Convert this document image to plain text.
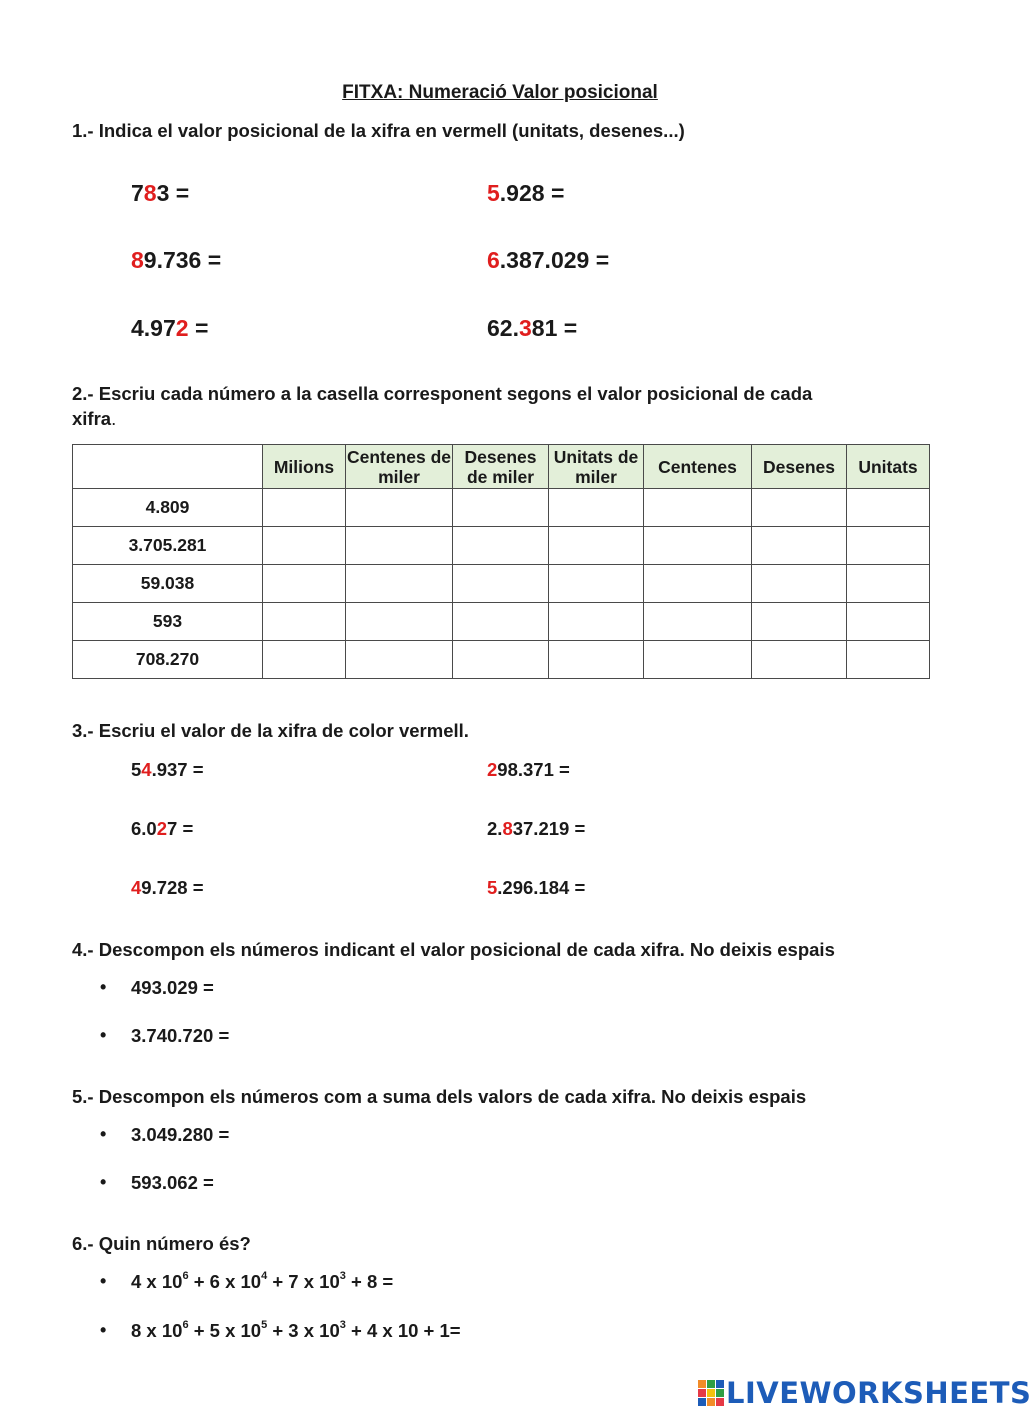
FITXA: Numeració Valor posicional
1.- Indica el valor posicional de la xifra en vermell (unitats, desenes...)
783 =	5.928 =
89.736 =	6.387.029 =
4.972 =	62.381 =
2.- Escriu cada número a la casella corresponent segons el valor posicional de cada
xifra.
	Milions	Centenes de miler	Desenes de miler	Unitats de miler	Centenes	Desenes	Unitats
4.809							
3.705.281							
59.038							
593							
708.270							
3.- Escriu el valor de la xifra de color vermell.
54.937 =	298.371 =
6.027 =	2.837.219 =
49.728 =	5.296.184 =
4.- Descompon els números indicant el valor posicional de cada xifra. No deixis espais
• 493.029 =
• 3.740.720 =
5.- Descompon els números com a suma dels valors de cada xifra. No deixis espais
• 3.049.280 =
• 593.062 =
6.- Quin número és?
• 4 x $10^6 + 6$ x $10^4 + 7$ x $10^3 + 8$ =
• 8 x $10^6 + 5$ x $10^5 + 3$ x $10^3 + 4$ x 10 + 1=
LIVEWORKSHEETS
